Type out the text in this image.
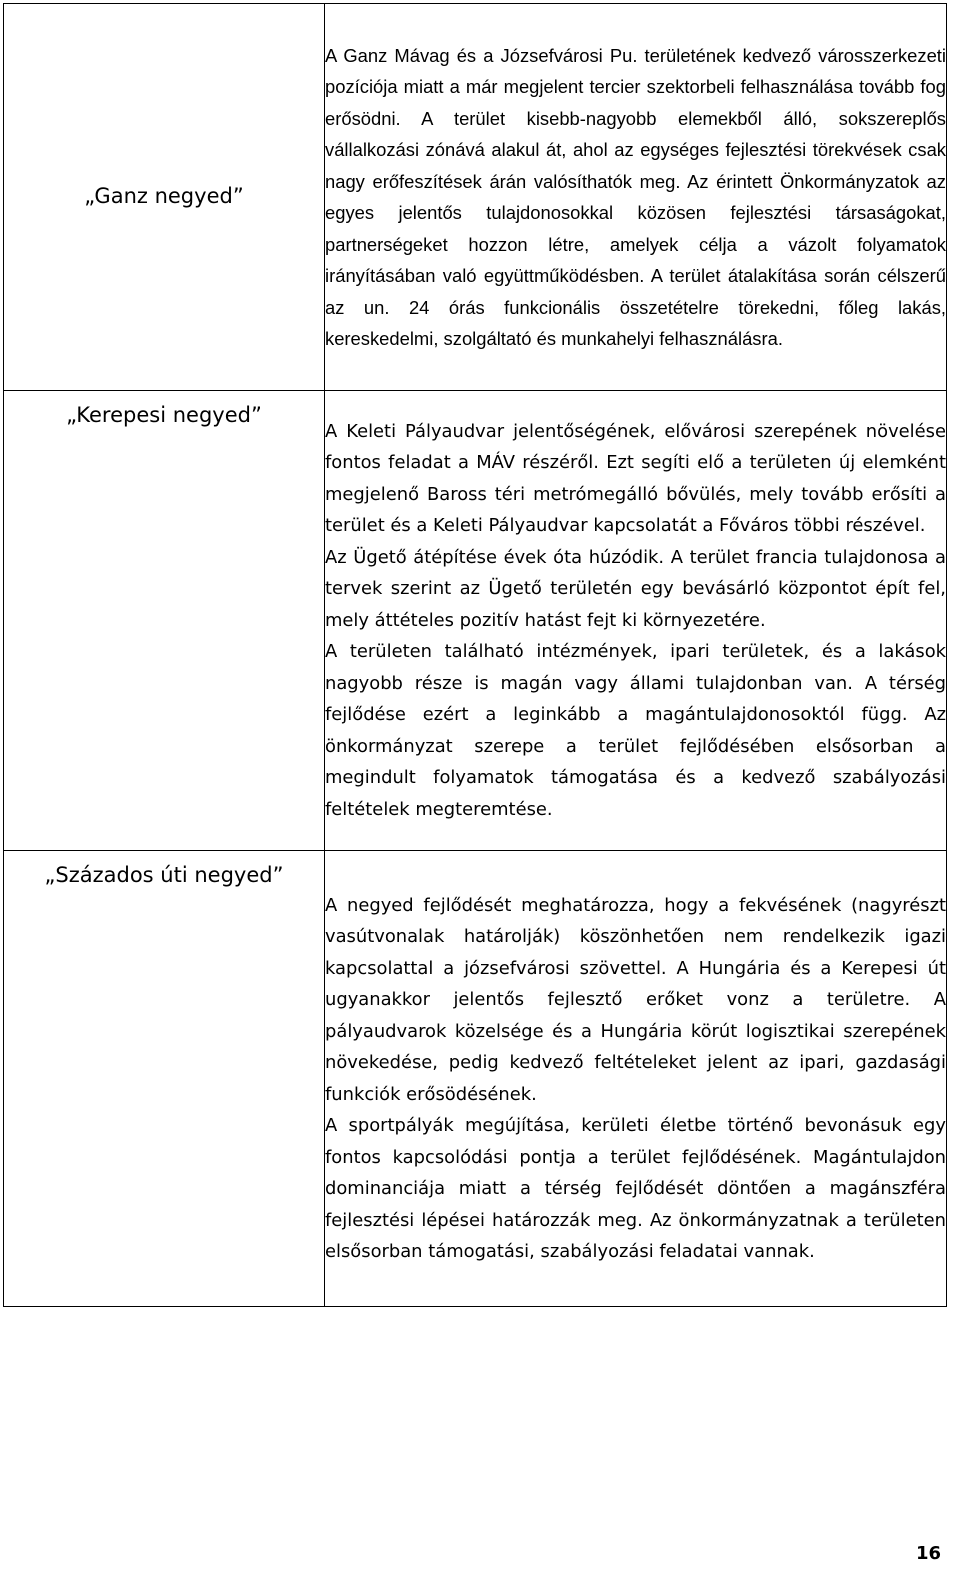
„Ganz negyed”	A Ganz Mávag és a Józsefvárosi Pu. területének kedvező városszerkezeti pozíciója miatt a már megjelent tercier szektorbeli felhasználása tovább fog erősödni. A terület kisebb-nagyobb elemekből álló, sokszereplős vállalkozási zónává alakul át, ahol az egységes fejlesztési törekvések csak nagy erőfeszítések árán valósíthatók meg. Az érintett Önkormányzatok az egyes jelentős tulajdonosokkal közösen fejlesztési társaságokat, partnerségeket hozzon létre, amelyek célja a vázolt folyamatok irányításában való együttműködésben. A terület átalakítása során célszerű az un. 24 órás funkcionális összetételre törekedni, főleg lakás, kereskedelmi, szolgáltató és munkahelyi felhasználásra.

„Kerepesi negyed”	A Keleti Pályaudvar jelentőségének, elővárosi szerepének növelése fontos feladat a MÁV részéről. Ezt segíti elő a területen új elemként megjelenő Baross téri metrómegálló bővülés, mely tovább erősíti a terület és a Keleti Pályaudvar kapcsolatát a Főváros többi részével.

Az Ügető átépítése évek óta húzódik. A terület francia tulajdonosa a tervek szerint az Ügető területén egy bevásárló központot épít fel, mely áttételes pozitív hatást fejt ki környezetére.

A területen található intézmények, ipari területek, és a lakások nagyobb része is magán vagy állami tulajdonban van. A térség fejlődése ezért a leginkább a magántulajdonosoktól függ. Az önkormányzat szerepe a terület fejlődésében elsősorban a megindult folyamatok támogatása és a kedvező szabályozási feltételek megteremtése.

„Százados úti negyed”	A negyed fejlődését meghatározza, hogy a fekvésének (nagyrészt vasútvonalak határolják) köszönhetően nem rendelkezik igazi kapcsolattal a józsefvárosi szövettel. A Hungária és a Kerepesi út ugyanakkor jelentős fejlesztő erőket vonz a területre. A pályaudvarok közelsége és a Hungária körút logisztikai szerepének növekedése, pedig kedvező feltételeket jelent az ipari, gazdasági funkciók erősödésének.

A sportpályák megújítása, kerületi életbe történő bevonásuk egy fontos kapcsolódási pontja a terület fejlődésének. Magántulajdon dominanciája miatt a térség fejlődését döntően a magánszféra fejlesztési lépései határozzák meg. Az önkormányzatnak a területen elsősorban támogatási, szabályozási feladatai vannak.

16
